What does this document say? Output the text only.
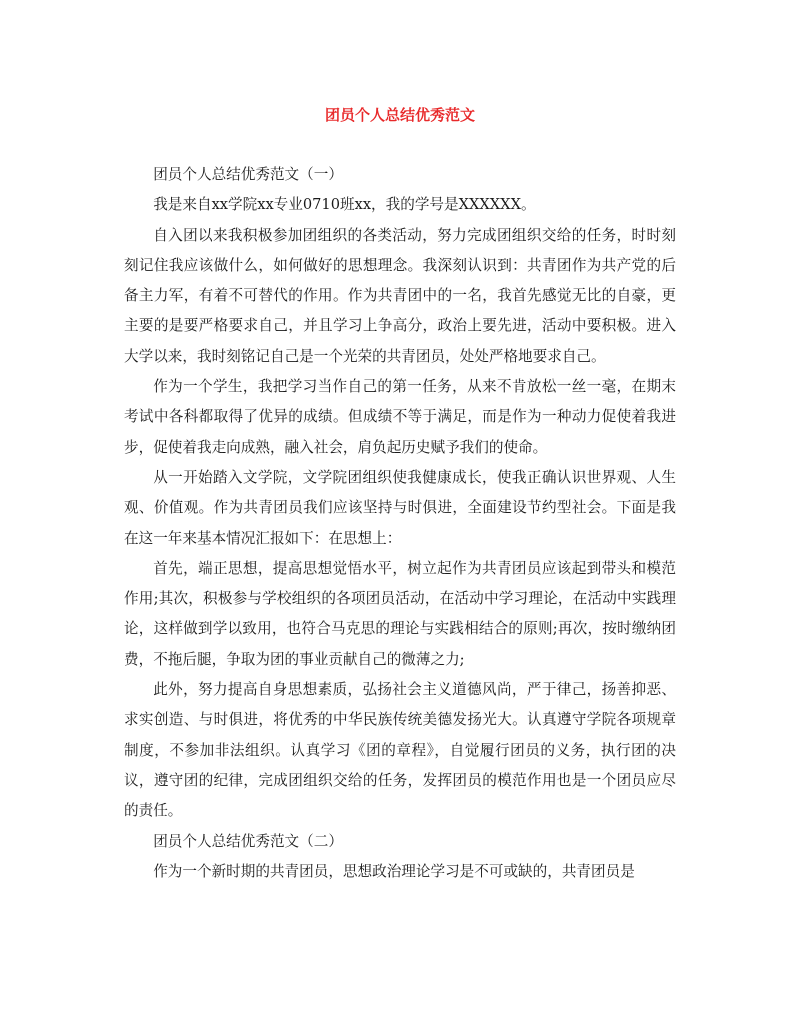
团员个人总结优秀范文

团员个人总结优秀范文（一）

我是来自xx学院xx专业0710班xx，我的学号是XXXXXX。

自入团以来我积极参加团组织的各类活动，努力完成团组织交给的任务，时时刻刻记住我应该做什么，如何做好的思想理念。我深刻认识到：共青团作为共产党的后备主力军，有着不可替代的作用。作为共青团中的一名，我首先感觉无比的自豪，更主要的是要严格要求自己，并且学习上争高分，政治上要先进，活动中要积极。进入大学以来，我时刻铭记自己是一个光荣的共青团员，处处严格地要求自己。

作为一个学生，我把学习当作自己的第一任务，从来不肯放松一丝一毫，在期末考试中各科都取得了优异的成绩。但成绩不等于满足，而是作为一种动力促使着我进步，促使着我走向成熟，融入社会，肩负起历史赋予我们的使命。

从一开始踏入文学院，文学院团组织使我健康成长，使我正确认识世界观、人生观、价值观。作为共青团员我们应该坚持与时俱进，全面建设节约型社会。下面是我在这一年来基本情况汇报如下：在思想上：

首先，端正思想，提高思想觉悟水平，树立起作为共青团员应该起到带头和模范作用;其次，积极参与学校组织的各项团员活动，在活动中学习理论，在活动中实践理论，这样做到学以致用，也符合马克思的理论与实践相结合的原则;再次，按时缴纳团费，不拖后腿，争取为团的事业贡献自己的微薄之力;

此外，努力提高自身思想素质，弘扬社会主义道德风尚，严于律己，扬善抑恶、求实创造、与时俱进，将优秀的中华民族传统美德发扬光大。认真遵守学院各项规章制度，不参加非法组织。认真学习《团的章程》，自觉履行团员的义务，执行团的决议，遵守团的纪律，完成团组织交给的任务，发挥团员的模范作用也是一个团员应尽的责任。

团员个人总结优秀范文（二）

作为一个新时期的共青团员，思想政治理论学习是不可或缺的，共青团员是
